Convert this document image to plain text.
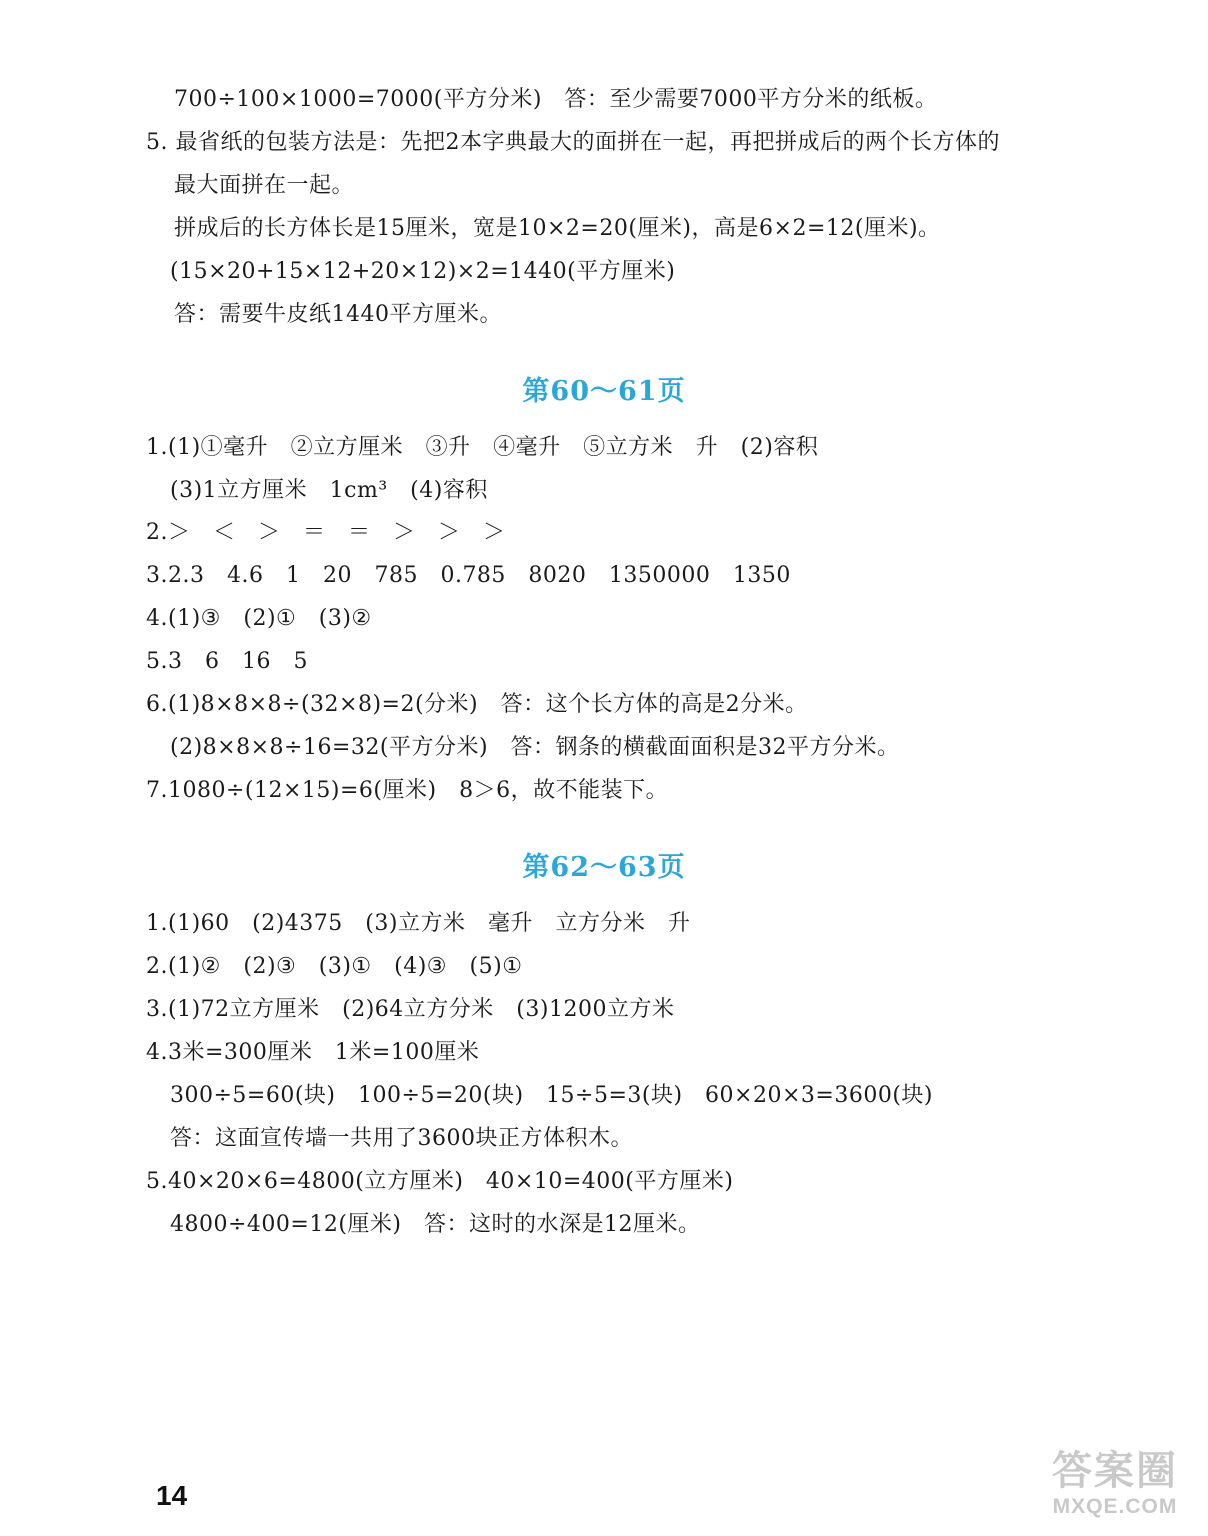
700÷100×1000=7000(平方分米)　答：至少需要7000平方分米的纸板。
5. 最省纸的包装方法是：先把2本字典最大的面拼在一起，再把拼成后的两个长方体的
最大面拼在一起。
拼成后的长方体长是15厘米，宽是10×2=20(厘米)，高是6×2=12(厘米)。
(15×20+15×12+20×12)×2=1440(平方厘米)
答：需要牛皮纸1440平方厘米。
第60～61页
1.(1)①毫升　②立方厘米　③升　④毫升　⑤立方米　升　(2)容积
(3)1立方厘米　1cm³　(4)容积
2.＞　＜　＞　＝　＝　＞　＞　＞
3.2.3　4.6　1　20　785　0.785　8020　1350000　1350
4.(1)③　(2)①　(3)②
5.3　6　16　5
6.(1)8×8×8÷(32×8)=2(分米)　答：这个长方体的高是2分米。
(2)8×8×8÷16=32(平方分米)　答：钢条的横截面面积是32平方分米。
7.1080÷(12×15)=6(厘米)　8＞6，故不能装下。
第62～63页
1.(1)60　(2)4375　(3)立方米　毫升　立方分米　升
2.(1)②　(2)③　(3)①　(4)③　(5)①
3.(1)72立方厘米　(2)64立方分米　(3)1200立方米
4.3米=300厘米　1米=100厘米
300÷5=60(块)　100÷5=20(块)　15÷5=3(块)　60×20×3=3600(块)
答：这面宣传墙一共用了3600块正方体积木。
5.40×20×6=4800(立方厘米)　40×10=400(平方厘米)
4800÷400=12(厘米)　答：这时的水深是12厘米。
14
答案圈
MXQE.COM
